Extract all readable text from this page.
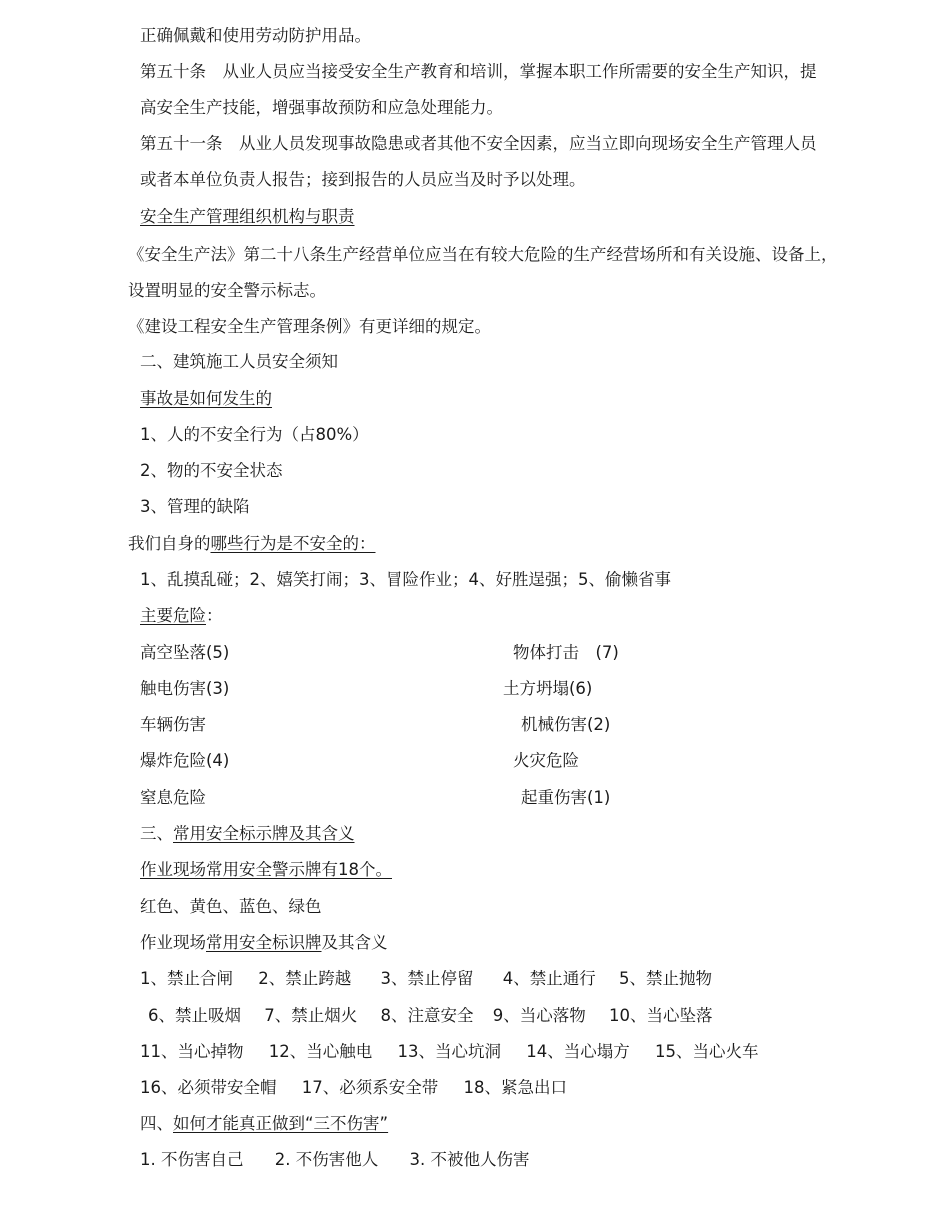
正确佩戴和使用劳动防护用品。
第五十条　从业人员应当接受安全生产教育和培训，掌握本职工作所需要的安全生产知识，提
高安全生产技能，增强事故预防和应急处理能力。
第五十一条　从业人员发现事故隐患或者其他不安全因素，应当立即向现场安全生产管理人员
或者本单位负责人报告；接到报告的人员应当及时予以处理。
安全生产管理组织机构与职责
《安全生产法》第二十八条生产经营单位应当在有较大危险的生产经营场所和有关设施、设备上，
设置明显的安全警示标志。
《建设工程安全生产管理条例》有更详细的规定。
二、建筑施工人员安全须知
事故是如何发生的
1、人的不安全行为（占80%）
2、物的不安全状态
3、管理的缺陷
我们自身的哪些行为是不安全的：
1、乱摸乱碰；2、嬉笑打闹；3、冒险作业；4、好胜逞强；5、偷懒省事
主要危险：
高空坠落(5)	物体打击　(7)
触电伤害(3)	土方坍塌(6)
车辆伤害	机械伤害(2)
爆炸危险(4)	火灾危险
窒息危险	起重伤害(1)
三、常用安全标示牌及其含义
作业现场常用安全警示牌有18个。
红色、黄色、蓝色、绿色
作业现场常用安全标识牌及其含义
1、禁止合闸 2、禁止跨越 3、禁止停留 4、禁止通行 5、禁止抛物
6、禁止吸烟 7、禁止烟火 8、注意安全 9、当心落物 10、当心坠落
11、当心掉物 12、当心触电 13、当心坑洞 14、当心塌方 15、当心火车
16、必须带安全帽 17、必须系安全带 18、紧急出口
四、如何才能真正做到“三不伤害”
1. 不伤害自己 2. 不伤害他人 3. 不被他人伤害
